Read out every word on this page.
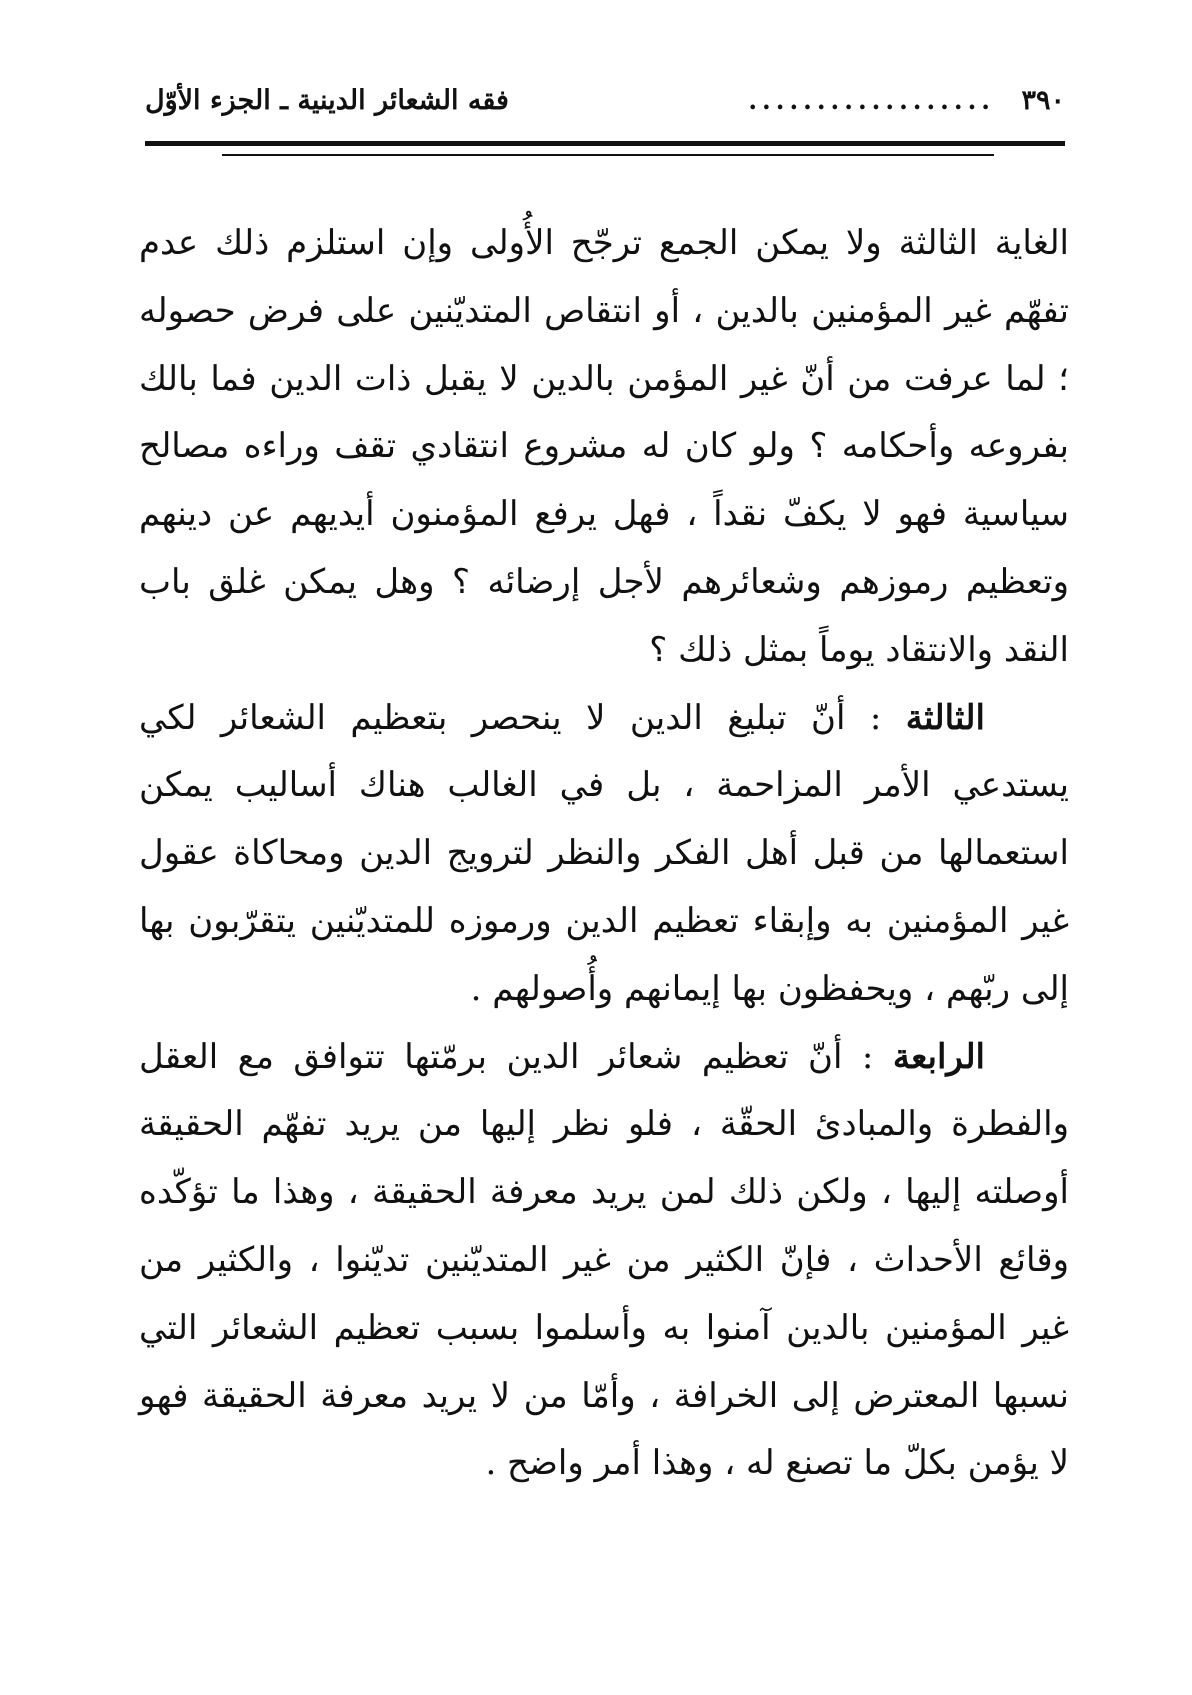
٣٩٠
..................
فقه الشعائر الدينية ـ الجزء الأوّل

الغاية الثالثة ولا يمكن الجمع ترجّح الأُولى وإن استلزم ذلك عدم تفهّم غير المؤمنين بالدين ، أو انتقاص المتديّنين على فرض حصوله ؛ لما عرفت من أنّ غير المؤمن بالدين لا يقبل ذات الدين فما بالك بفروعه وأحكامه ؟ ولو كان له مشروع انتقادي تقف وراءه مصالح سياسية فهو لا يكفّ نقداً ، فهل يرفع المؤمنون أيديهم عن دينهم وتعظيم رموزهم وشعائرهم لأجل إرضائه ؟ وهل يمكن غلق باب النقد والانتقاد يوماً بمثل ذلك ؟

الثالثة : أنّ تبليغ الدين لا ينحصر بتعظيم الشعائر لكي يستدعي الأمر المزاحمة ، بل في الغالب هناك أساليب يمكن استعمالها من قبل أهل الفكر والنظر لترويج الدين ومحاكاة عقول غير المؤمنين به وإبقاء تعظيم الدين ورموزه للمتديّنين يتقرّبون بها إلى ربّهم ، ويحفظون بها إيمانهم وأُصولهم .

الرابعة : أنّ تعظيم شعائر الدين برمّتها تتوافق مع العقل والفطرة والمبادئ الحقّة ، فلو نظر إليها من يريد تفهّم الحقيقة أوصلته إليها ، ولكن ذلك لمن يريد معرفة الحقيقة ، وهذا ما تؤكّده وقائع الأحداث ، فإنّ الكثير من غير المتديّنين تديّنوا ، والكثير من غير المؤمنين بالدين آمنوا به وأسلموا بسبب تعظيم الشعائر التي نسبها المعترض إلى الخرافة ، وأمّا من لا يريد معرفة الحقيقة فهو لا يؤمن بكلّ ما تصنع له ، وهذا أمر واضح .
